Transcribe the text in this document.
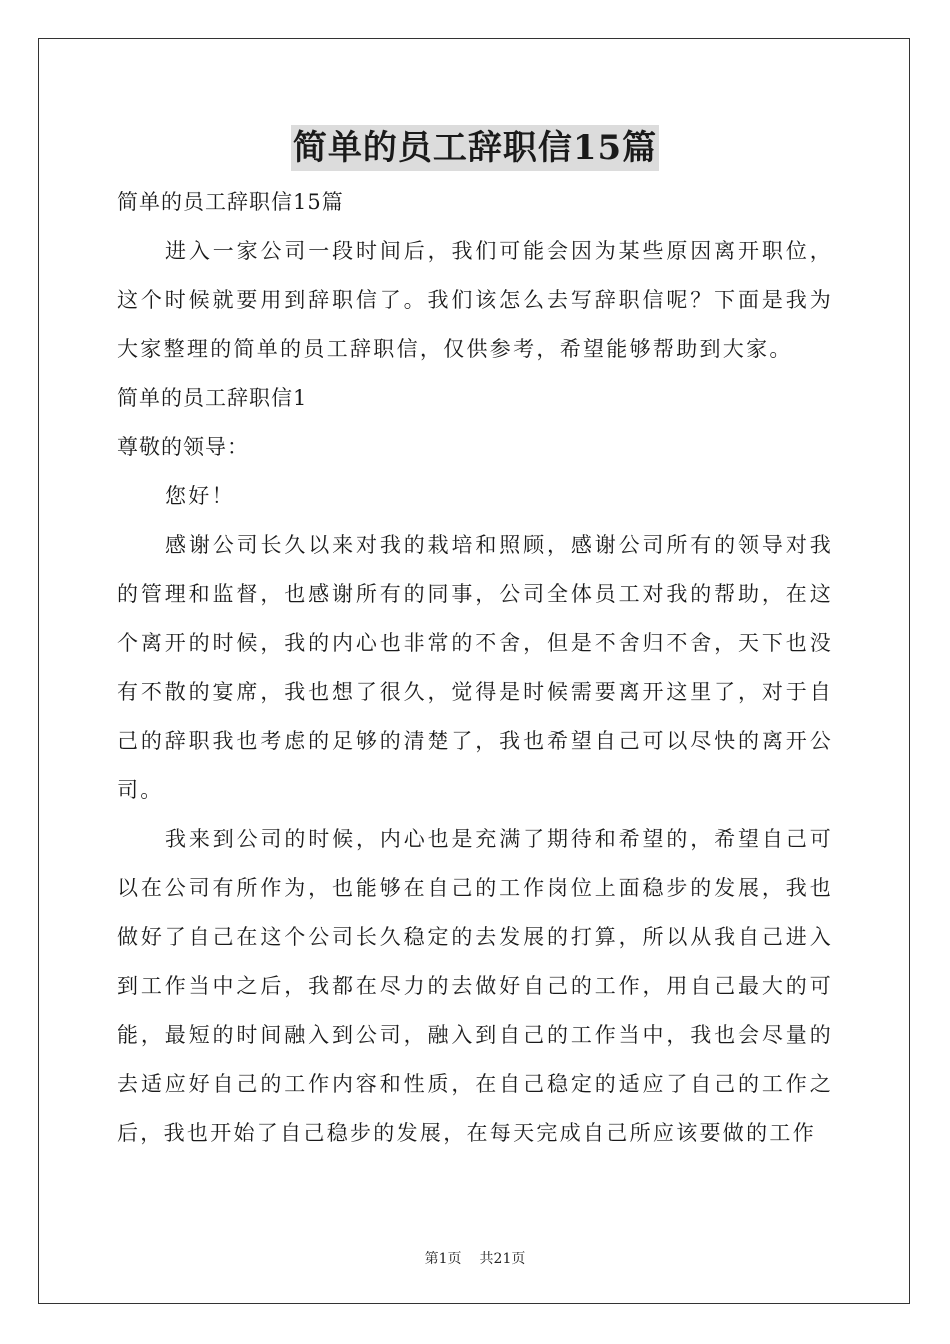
简单的员工辞职信15篇

简单的员工辞职信15篇

进入一家公司一段时间后，我们可能会因为某些原因离开职位，这个时候就要用到辞职信了。我们该怎么去写辞职信呢？下面是我为大家整理的简单的员工辞职信，仅供参考，希望能够帮助到大家。

简单的员工辞职信1

尊敬的领导：

您好！

感谢公司长久以来对我的栽培和照顾，感谢公司所有的领导对我的管理和监督，也感谢所有的同事，公司全体员工对我的帮助，在这个离开的时候，我的内心也非常的不舍，但是不舍归不舍，天下也没有不散的宴席，我也想了很久，觉得是时候需要离开这里了，对于自己的辞职我也考虑的足够的清楚了，我也希望自己可以尽快的离开公司。

我来到公司的时候，内心也是充满了期待和希望的，希望自己可以在公司有所作为，也能够在自己的工作岗位上面稳步的发展，我也做好了自己在这个公司长久稳定的去发展的打算，所以从我自己进入到工作当中之后，我都在尽力的去做好自己的工作，用自己最大的可能，最短的时间融入到公司，融入到自己的工作当中，我也会尽量的去适应好自己的工作内容和性质，在自己稳定的适应了自己的工作之后，我也开始了自己稳步的发展，在每天完成自己所应该要做的工作

第1页 共21页
